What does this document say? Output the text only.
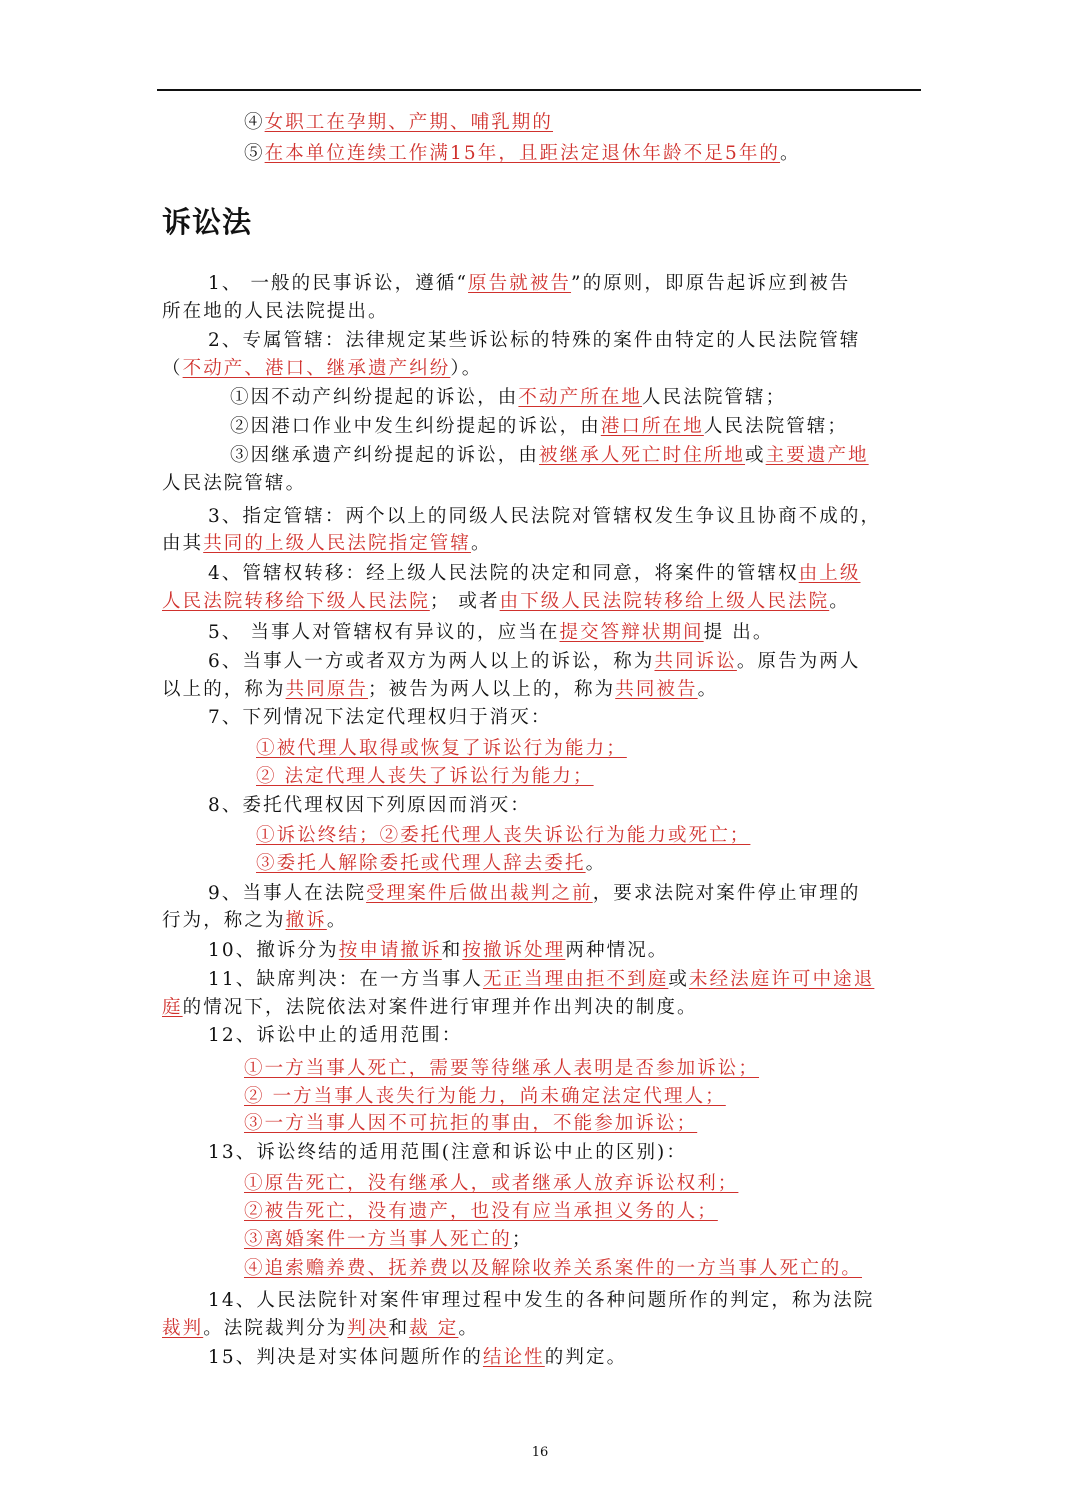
④女职工在孕期、产期、哺乳期的
⑤在本单位连续工作满15年，且距法定退休年龄不足5年的。
诉讼法
1、 一般的民事诉讼，遵循“原告就被告”的原则，即原告起诉应到被告
所在地的人民法院提出。
2、专属管辖：法律规定某些诉讼标的特殊的案件由特定的人民法院管辖
（不动产、港口、继承遗产纠纷）。
①因不动产纠纷提起的诉讼，由不动产所在地人民法院管辖；
②因港口作业中发生纠纷提起的诉讼，由港口所在地人民法院管辖；
③因继承遗产纠纷提起的诉讼，由被继承人死亡时住所地或主要遗产地
人民法院管辖。
3、指定管辖：两个以上的同级人民法院对管辖权发生争议且协商不成的，
由其共同的上级人民法院指定管辖。
4、管辖权转移：经上级人民法院的决定和同意，将案件的管辖权由上级
人民法院转移给下级人民法院； 或者由下级人民法院转移给上级人民法院。
5、 当事人对管辖权有异议的，应当在提交答辩状期间提 出。
6、当事人一方或者双方为两人以上的诉讼，称为共同诉讼。原告为两人
以上的，称为共同原告；被告为两人以上的，称为共同被告。
7、下列情况下法定代理权归于消灭：
①被代理人取得或恢复了诉讼行为能力；
② 法定代理人丧失了诉讼行为能力；
8、委托代理权因下列原因而消灭：
①诉讼终结；②委托代理人丧失诉讼行为能力或死亡；
③委托人解除委托或代理人辞去委托。
9、当事人在法院受理案件后做出裁判之前，要求法院对案件停止审理的
行为，称之为撤诉。
10、撤诉分为按申请撤诉和按撤诉处理两种情况。
11、缺席判决：在一方当事人无正当理由拒不到庭或未经法庭许可中途退
庭的情况下，法院依法对案件进行审理并作出判决的制度。
12、诉讼中止的适用范围：
①一方当事人死亡，需要等待继承人表明是否参加诉讼；
② 一方当事人丧失行为能力，尚未确定法定代理人；
③一方当事人因不可抗拒的事由，不能参加诉讼；
13、诉讼终结的适用范围(注意和诉讼中止的区别)：
①原告死亡，没有继承人，或者继承人放弃诉讼权利；
②被告死亡，没有遗产，也没有应当承担义务的人；
③离婚案件一方当事人死亡的；
④追索赡养费、抚养费以及解除收养关系案件的一方当事人死亡的。
14、人民法院针对案件审理过程中发生的各种问题所作的判定，称为法院
裁判。法院裁判分为判决和裁 定。
15、判决是对实体问题所作的结论性的判定。
16
